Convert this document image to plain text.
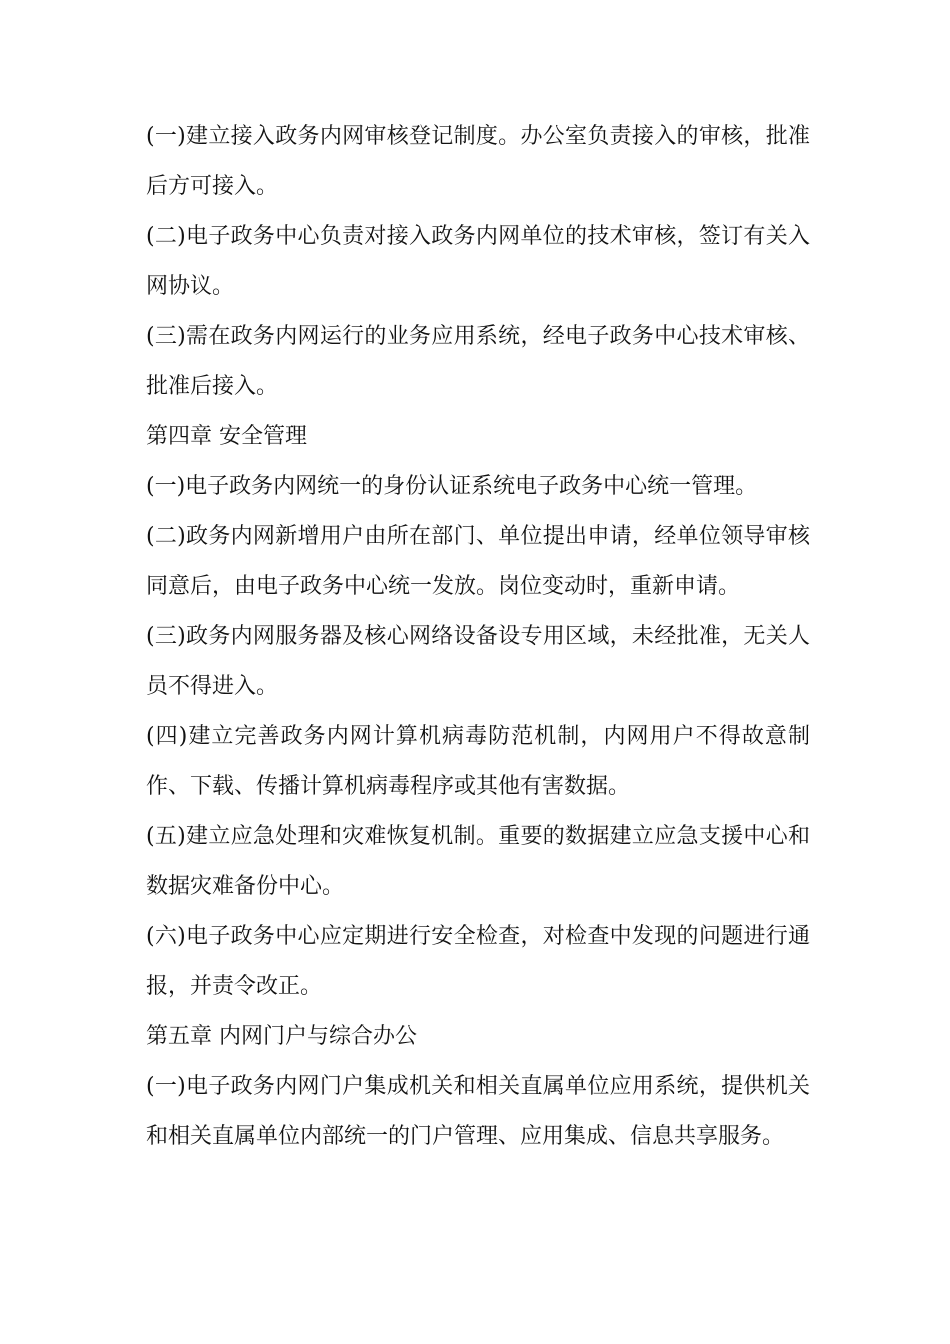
(一)建立接入政务内网审核登记制度。办公室负责接入的审核，批准
后方可接入。
(二)电子政务中心负责对接入政务内网单位的技术审核，签订有关入
网协议。
(三)需在政务内网运行的业务应用系统，经电子政务中心技术审核、
批准后接入。
第四章 安全管理
(一)电子政务内网统一的身份认证系统电子政务中心统一管理。
(二)政务内网新增用户由所在部门、单位提出申请，经单位领导审核
同意后，由电子政务中心统一发放。岗位变动时，重新申请。
(三)政务内网服务器及核心网络设备设专用区域，未经批准，无关人
员不得进入。
(四)建立完善政务内网计算机病毒防范机制，内网用户不得故意制
作、下载、传播计算机病毒程序或其他有害数据。
(五)建立应急处理和灾难恢复机制。重要的数据建立应急支援中心和
数据灾难备份中心。
(六)电子政务中心应定期进行安全检查，对检查中发现的问题进行通
报，并责令改正。
第五章 内网门户与综合办公
(一)电子政务内网门户集成机关和相关直属单位应用系统，提供机关
和相关直属单位内部统一的门户管理、应用集成、信息共享服务。
